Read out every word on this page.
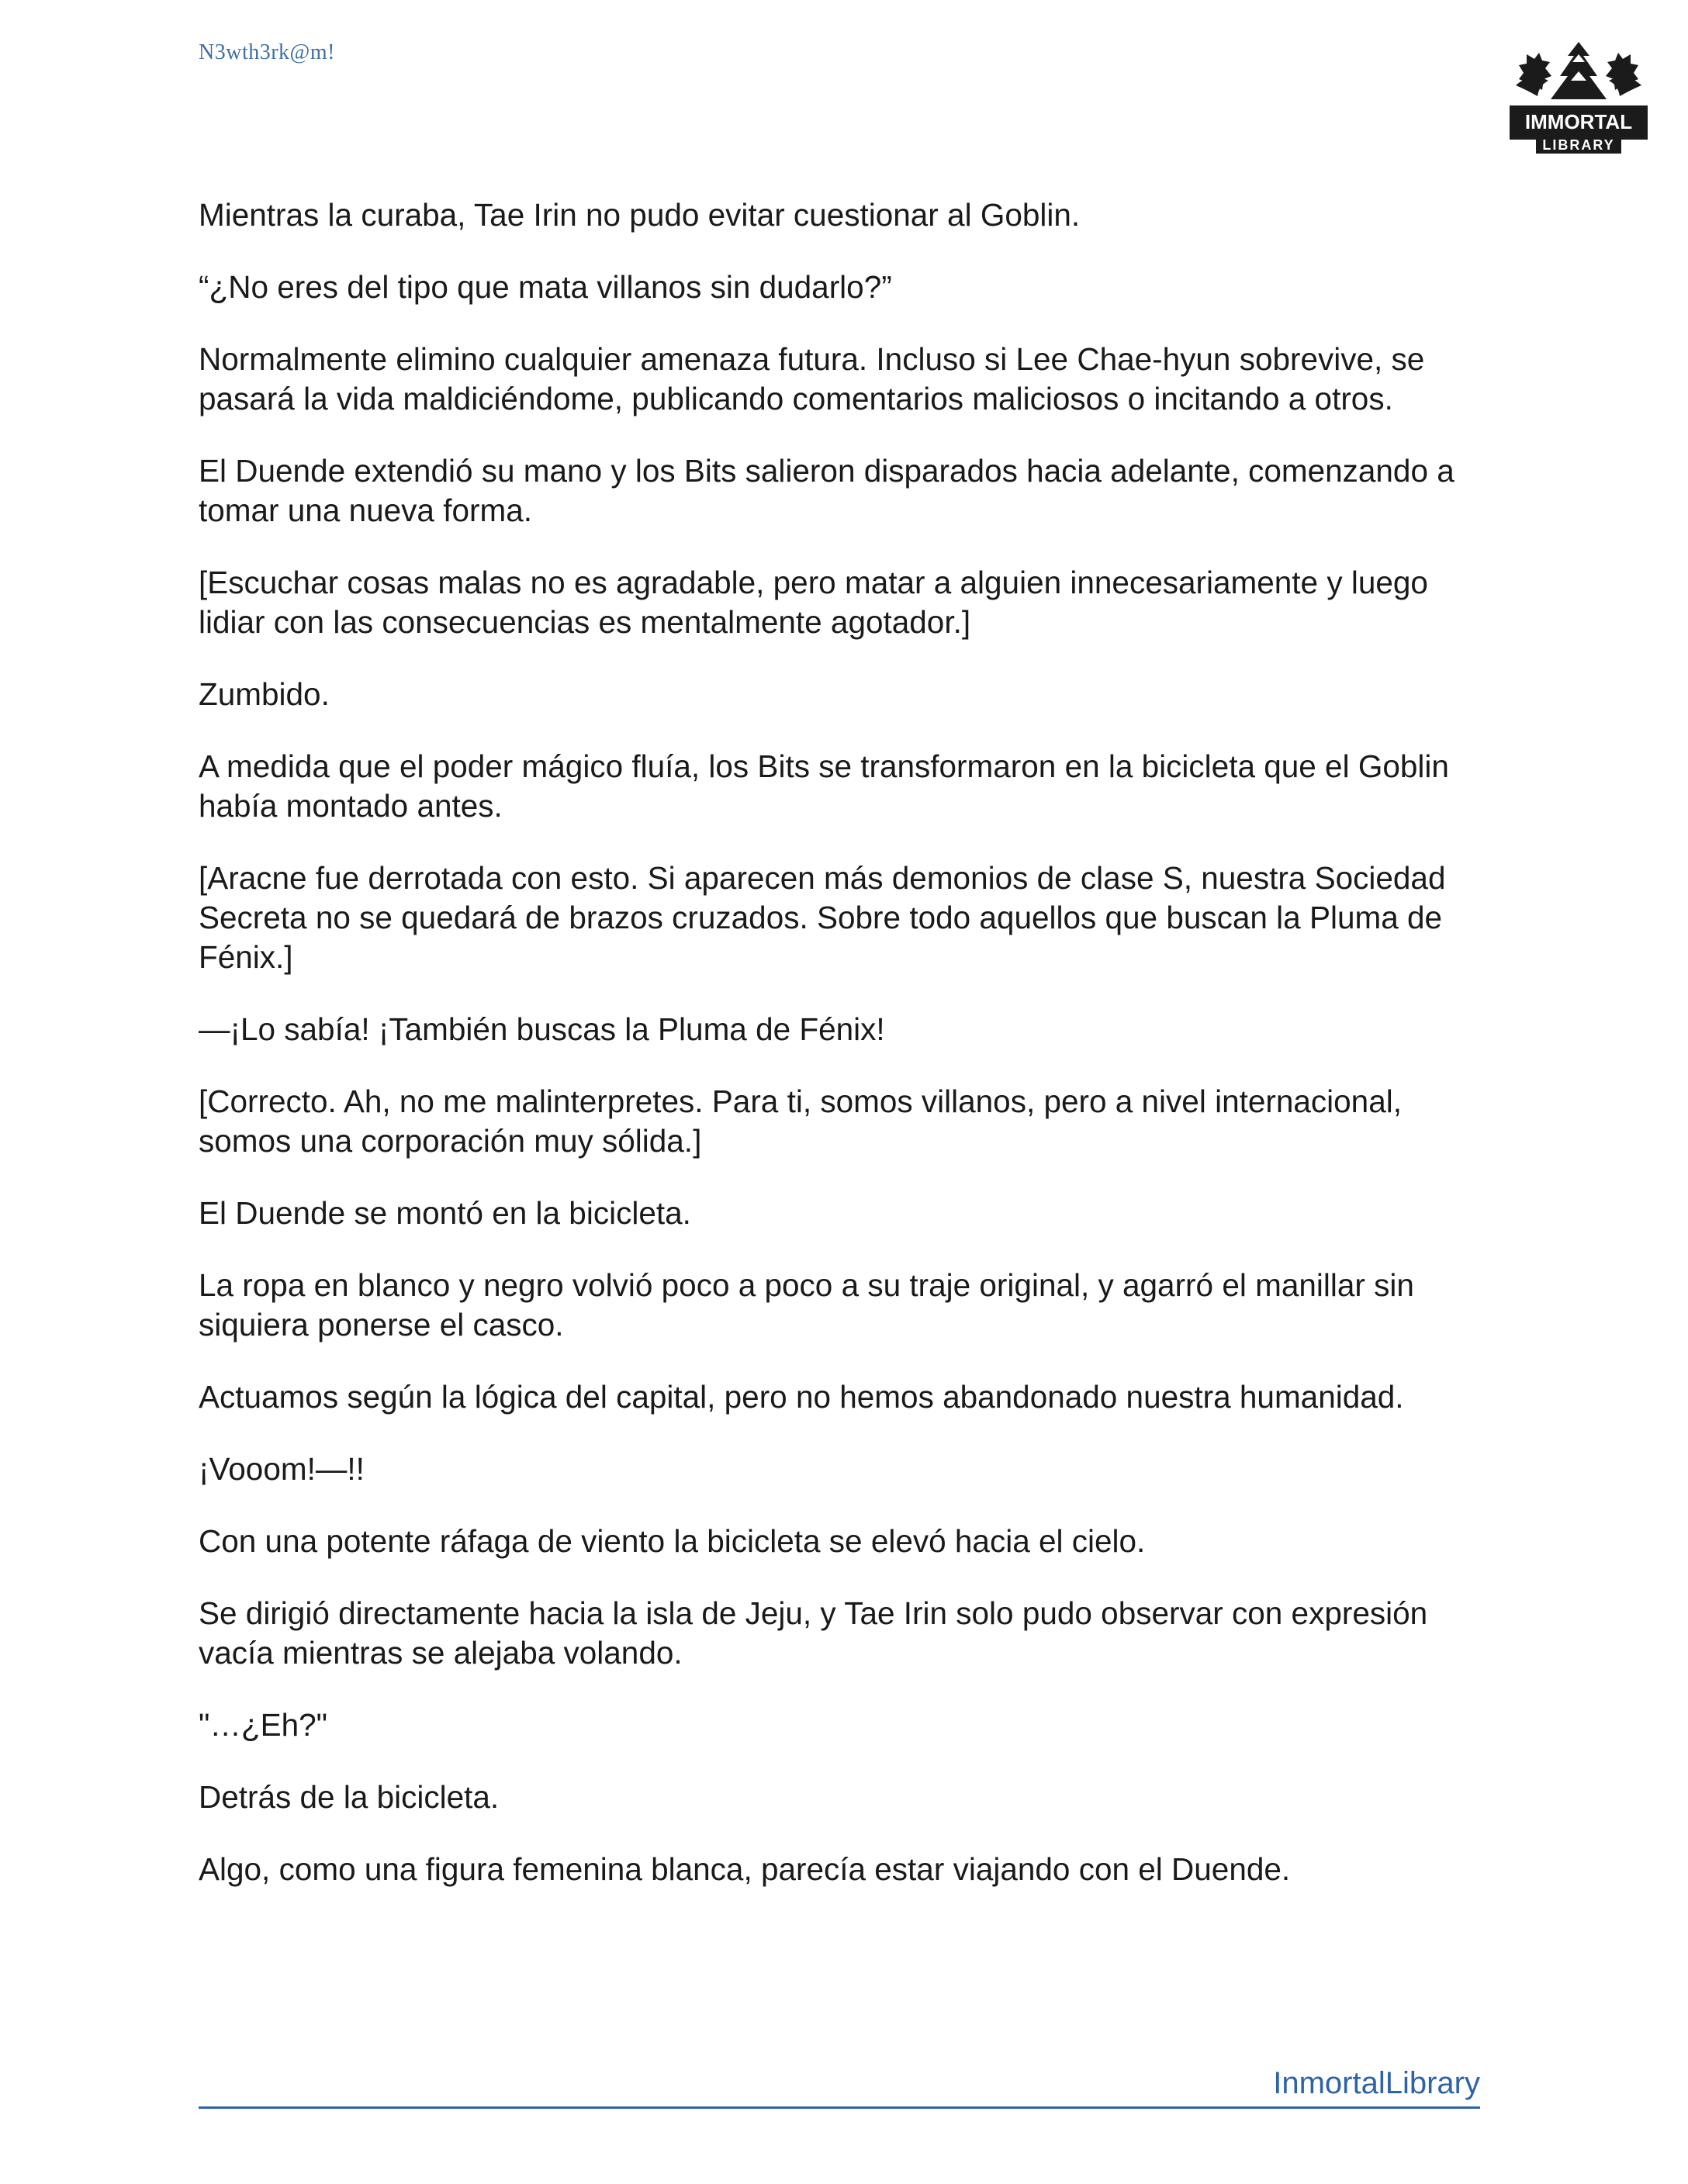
N3wth3rk@m!
IMMORTAL
LIBRARY

Mientras la curaba, Tae Irin no pudo evitar cuestionar al Goblin.

“¿No eres del tipo que mata villanos sin dudarlo?”

Normalmente elimino cualquier amenaza futura. Incluso si Lee Chae-hyun sobrevive, se pasará la vida maldiciéndome, publicando comentarios maliciosos o incitando a otros.

El Duende extendió su mano y los Bits salieron disparados hacia adelante, comenzando a tomar una nueva forma.

[Escuchar cosas malas no es agradable, pero matar a alguien innecesariamente y luego lidiar con las consecuencias es mentalmente agotador.]

Zumbido.

A medida que el poder mágico fluía, los Bits se transformaron en la bicicleta que el Goblin había montado antes.

[Aracne fue derrotada con esto. Si aparecen más demonios de clase S, nuestra Sociedad Secreta no se quedará de brazos cruzados. Sobre todo aquellos que buscan la Pluma de Fénix.]

—¡Lo sabía! ¡También buscas la Pluma de Fénix!

[Correcto. Ah, no me malinterpretes. Para ti, somos villanos, pero a nivel internacional, somos una corporación muy sólida.]

El Duende se montó en la bicicleta.

La ropa en blanco y negro volvió poco a poco a su traje original, y agarró el manillar sin siquiera ponerse el casco.

Actuamos según la lógica del capital, pero no hemos abandonado nuestra humanidad.

¡Vooom!—!!

Con una potente ráfaga de viento la bicicleta se elevó hacia el cielo.

Se dirigió directamente hacia la isla de Jeju, y Tae Irin solo pudo observar con expresión vacía mientras se alejaba volando.

"…¿Eh?"

Detrás de la bicicleta.

Algo, como una figura femenina blanca, parecía estar viajando con el Duende.

InmortalLibrary
